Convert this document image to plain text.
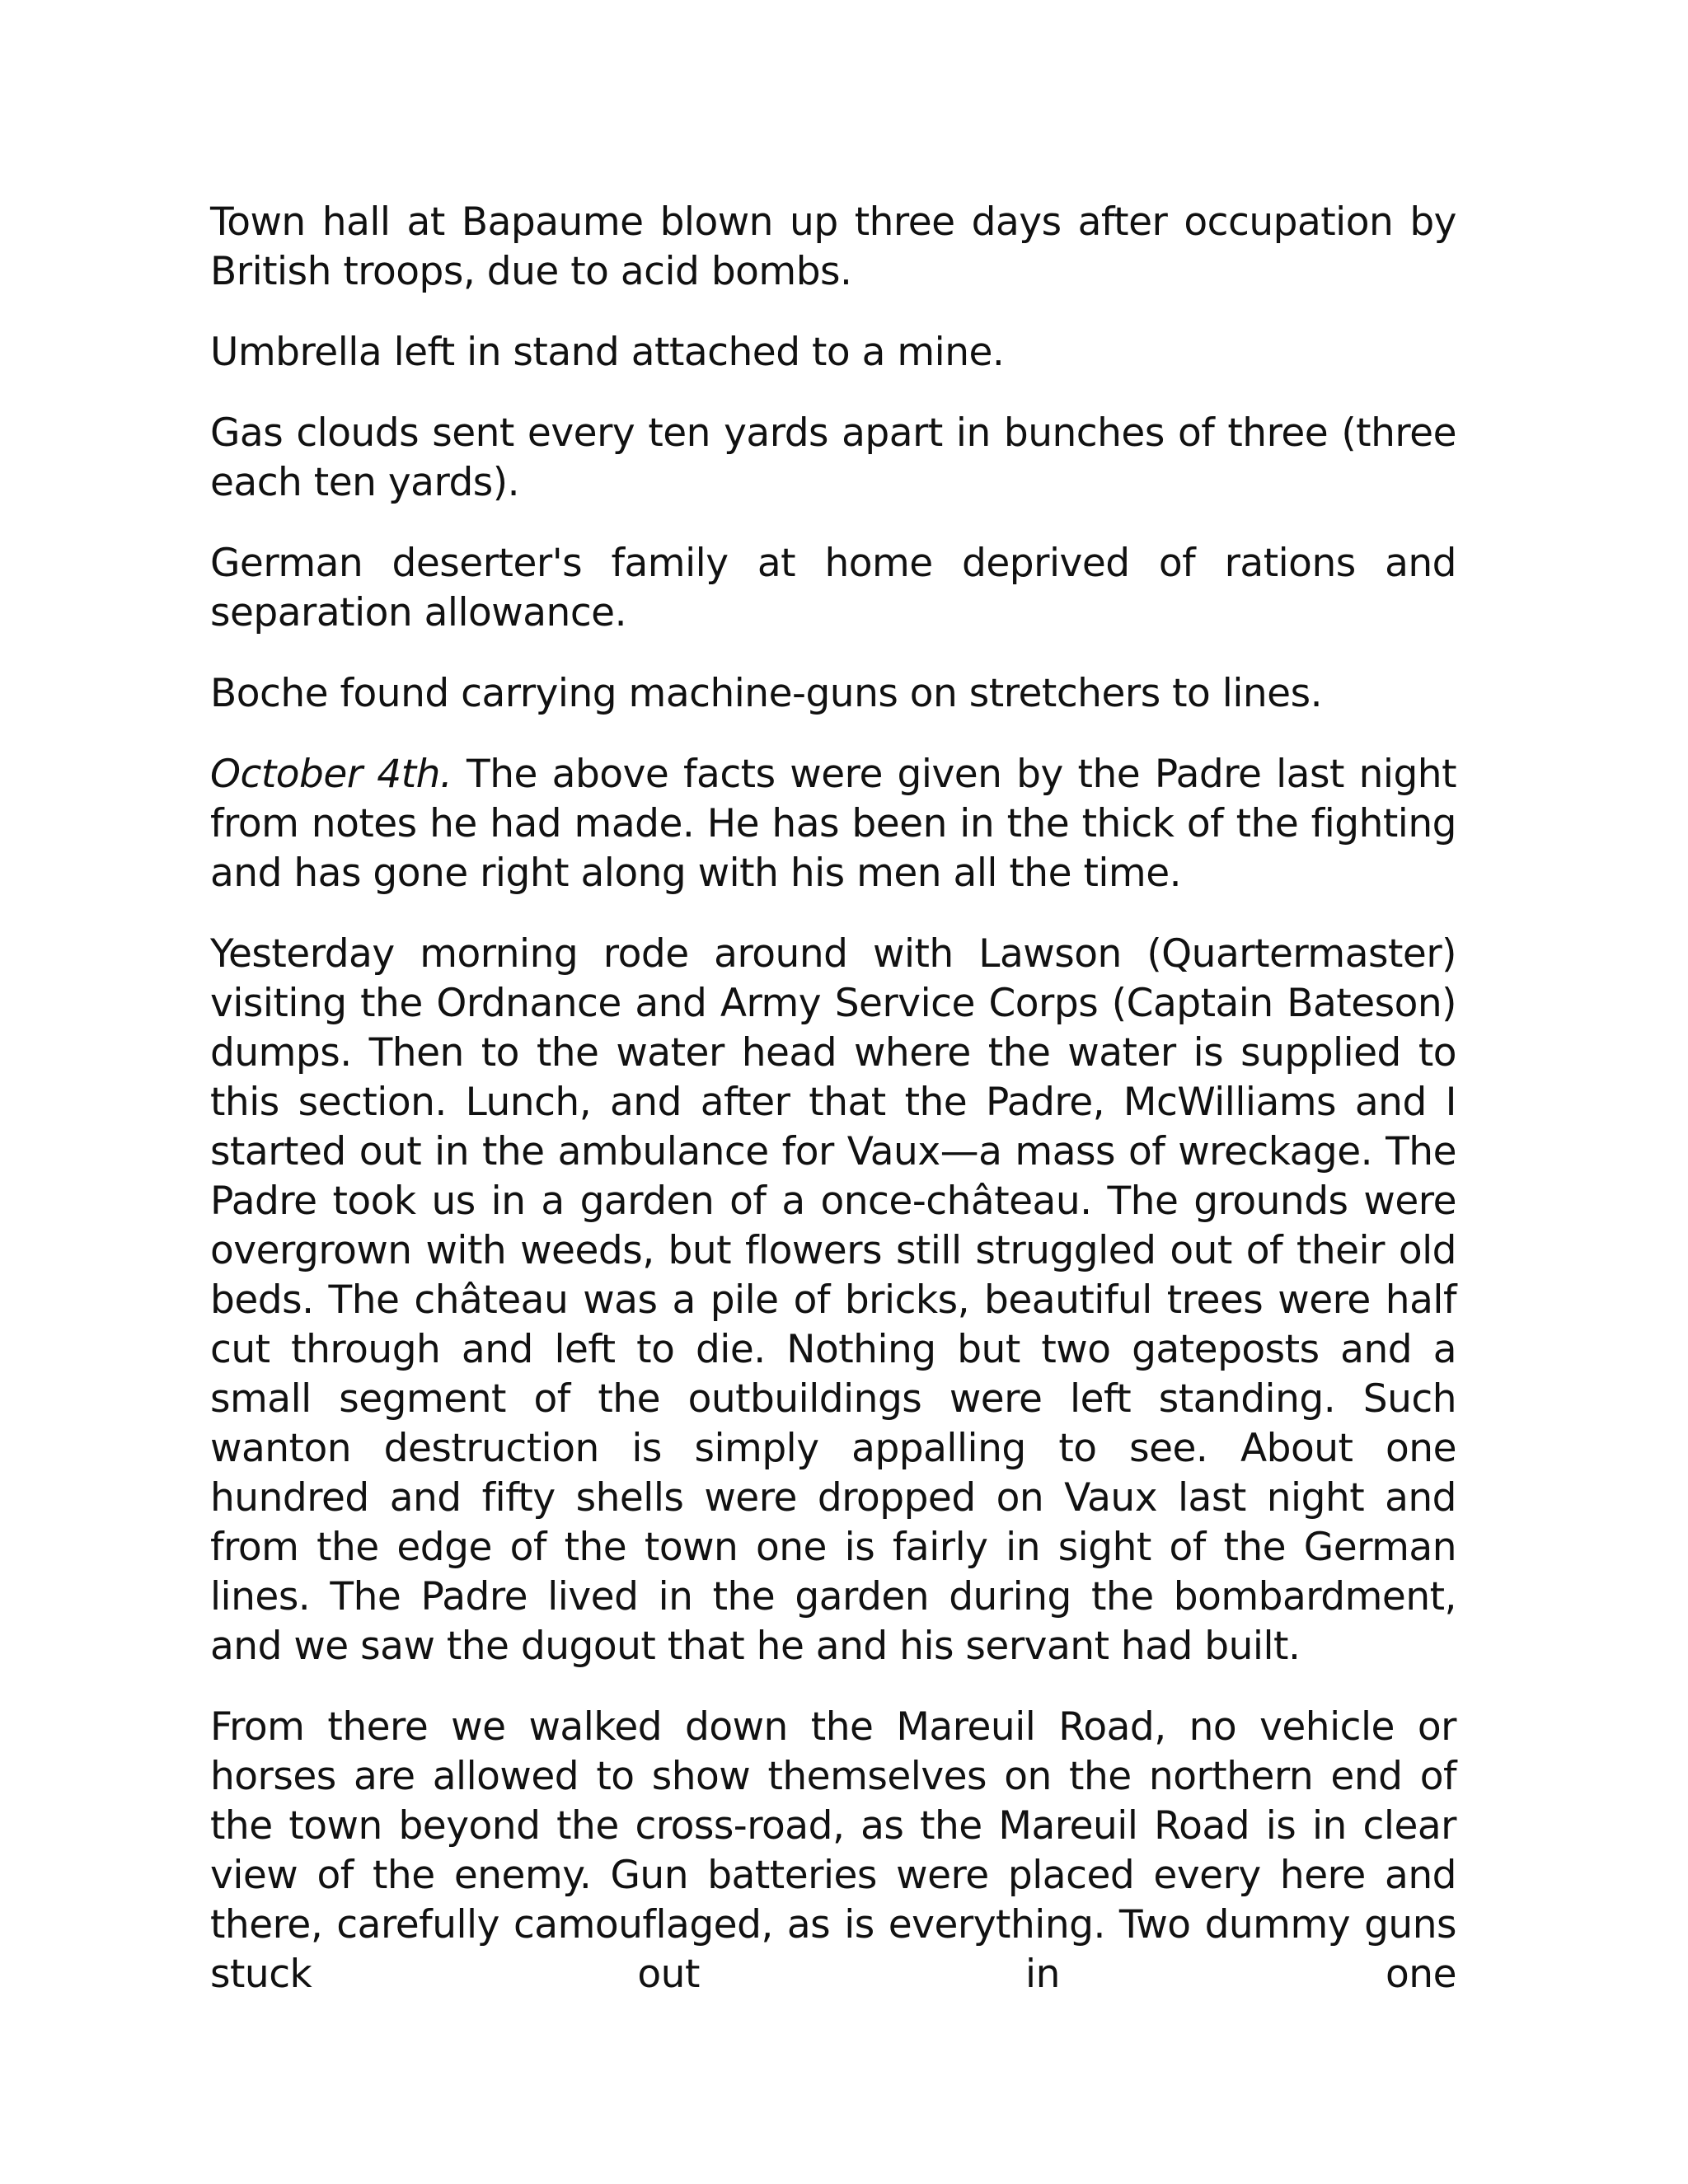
Town hall at Bapaume blown up three days after occupation by British troops, due to acid bombs.

Umbrella left in stand attached to a mine.

Gas clouds sent every ten yards apart in bunches of three (three each ten yards).

German deserter's family at home deprived of rations and separation allowance.

Boche found carrying machine-guns on stretchers to lines.

October 4th. The above facts were given by the Padre last night from notes he had made. He has been in the thick of the fighting and has gone right along with his men all the time.

Yesterday morning rode around with Lawson (Quartermaster) visiting the Ordnance and Army Service Corps (Captain Bateson) dumps. Then to the water head where the water is supplied to this section. Lunch, and after that the Padre, McWilliams and I started out in the ambulance for Vaux—a mass of wreckage. The Padre took us in a garden of a once-château. The grounds were overgrown with weeds, but flowers still struggled out of their old beds. The château was a pile of bricks, beautiful trees were half cut through and left to die. Nothing but two gateposts and a small segment of the outbuildings were left standing. Such wanton destruction is simply appalling to see. About one hundred and fifty shells were dropped on Vaux last night and from the edge of the town one is fairly in sight of the German lines. The Padre lived in the garden during the bombardment, and we saw the dugout that he and his servant had built.

From there we walked down the Mareuil Road, no vehicle or horses are allowed to show themselves on the northern end of the town beyond the cross-road, as the Mareuil Road is in clear view of the enemy. Gun batteries were placed every here and there, carefully camouflaged, as is everything. Two dummy guns stuck out in one
